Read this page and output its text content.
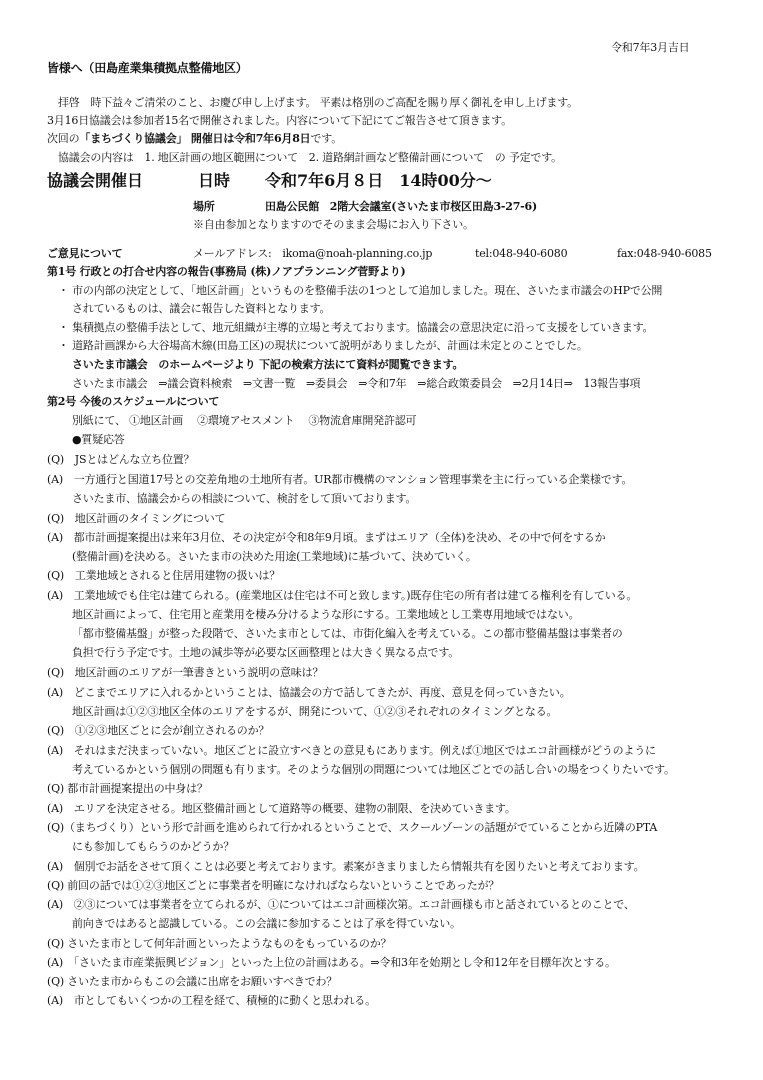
令和7年3月吉日
皆様へ（田島産業集積拠点整備地区）
拝啓　時下益々ご清栄のこと、お慶び申し上げます。 平素は格別のご高配を賜り厚く御礼を申し上げます。
3月16日協議会は参加者15名で開催されました。内容について下記にてご報告させて頂きます。
次回の「まちづくり協議会」 開催日は令和7年6月8日です。
協議会の内容は　1. 地区計画の地区範囲について　2. 道路網計画など整備計画について　の 予定です。
協議会開催日	日時 令和7年6月８日　14時00分～
場所	田島公民館　2階大会議室(さいたま市桜区田島3-27-6)
※自由参加となりますのでそのまま会場にお入り下さい。
ご意見について	メールアドレス:　ikoma@noah-planning.co.jp	tel:048-940-6080	fax:048-940-6085
第1号 行政との打合せ内容の報告(事務局 (株)ノアプランニング菅野より)
・ 市の内部の決定として、「地区計画」というものを整備手法の1つとして追加しました。現在、さいたま市議会のHPで公開
されているものは、議会に報告した資料となります。
・ 集積拠点の整備手法として、地元組織が主導的立場と考えております。協議会の意思決定に沿って支援をしていきます。
・ 道路計画課から大谷場高木線(田島工区)の現状について説明がありましたが、計画は未定とのことでした。
さいたま市議会　のホームページより 下記の検索方法にて資料が閲覧できます。
さいたま市議会　⇒議会資料検索　⇒文書一覧　⇒委員会　⇒令和7年　⇒総合政策委員会　⇒2月14日⇒　13報告事項
第2号 今後のスケジュールについて
別紙にて、 ①地区計画　 ②環境アセスメント　 ③物流倉庫開発許認可
●質疑応答
(Q)　JSとはどんな立ち位置？
(A)　一方通行と国道17号との交差角地の土地所有者。UR都市機構のマンション管理事業を主に行っている企業様です。
さいたま市、協議会からの相談について、検討をして頂いております。
(Q)　地区計画のタイミングについて
(A)　都市計画提案提出は来年3月位、その決定が令和8年9月頃。まずはエリア（全体)を決め、その中で何をするか
(整備計画)を決める。さいたま市の決めた用途(工業地域)に基づいて、決めていく。
(Q)　工業地域とされると住居用建物の扱いは？
(A)　工業地域でも住宅は建てられる。(産業地区は住宅は不可と致します。)既存住宅の所有者は建てる権利を有している。
地区計画によって、住宅用と産業用を棲み分けるような形にする。工業地域とし工業専用地域ではない。
「都市整備基盤」が整った段階で、さいたま市としては、市街化編入を考えている。この都市整備基盤は事業者の
負担で行う予定です。土地の減歩等が必要な区画整理とは大きく異なる点です。
(Q)　地区計画のエリアが一筆書きという説明の意味は？
(A)　どこまでエリアに入れるかということは、協議会の方で話してきたが、再度、意見を伺っていきたい。
地区計画は①②③地区全体のエリアをするが、開発について、①②③それぞれのタイミングとなる。
(Q)　①②③地区ごとに会が創立されるのか？
(A)　それはまだ決まっていない。地区ごとに設立すべきとの意見もにあります。例えば①地区ではエコ計画様がどうのように
考えているかという個別の問題も有ります。そのような個別の問題については地区ごとでの話し合いの場をつくりたいです。
(Q) 都市計画提案提出の中身は？
(A)　エリアを決定させる。地区整備計画として道路等の概要、建物の制限、を決めていきます。
(Q)（まちづくり）という形で計画を進められて行かれるということで、スクールゾーンの話題がでていることから近隣のPTA
にも参加してもらうのかどうか？
(A)　個別でお話をさせて頂くことは必要と考えております。素案がきまりましたら情報共有を図りたいと考えております。
(Q) 前回の話では①②③地区ごとに事業者を明確になければならないということであったが？
(A)　②③については事業者を立てられるが、①についてはエコ計画様次第。エコ計画様も市と話されているとのことで、
前向きではあると認識している。この会議に参加することは了承を得ていない。
(Q) さいたま市として何年計画といったようなものをもっているのか？
(A)　「さいたま市産業振興ビジョン」といった上位の計画はある。⇒令和3年を始期とし令和12年を目標年次とする。
(Q) さいたま市からもこの会議に出席をお願いすべきでわ？
(A)　市としてもいくつかの工程を経て、積極的に動くと思われる。
